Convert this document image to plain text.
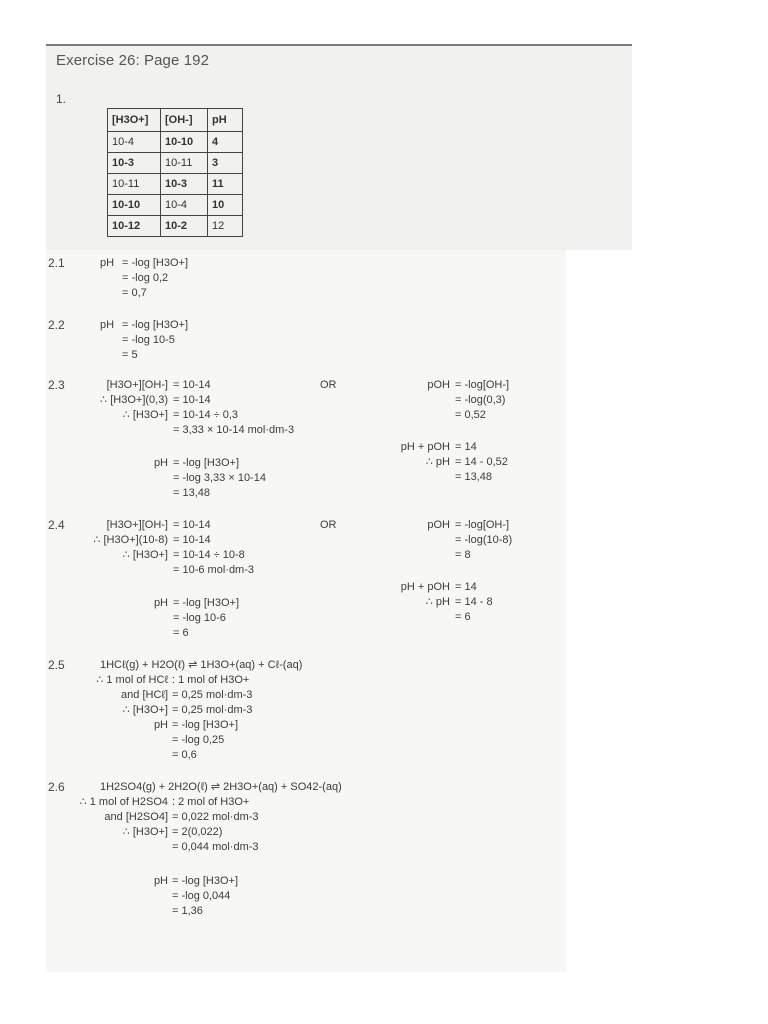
Exercise 26: Page 192
1.
[H3O+]	[OH-]	pH
10-4	10-10	4
10-3	10-11	3
10-11	10-3	11
10-10	10-4	10
10-12	10-2	12
2.1	pH = -log [H3O+]
= -log 0,2
= 0,7
2.2	pH = -log [H3O+]
= -log 10-5
= 5
2.3	[H3O+][OH-] = 10-14
∴ [H3O+](0,3) = 10-14
∴ [H3O+] = 10-14 ÷ 0,3
= 3,33 × 10-14 mol·dm-3
pH = -log [H3O+]
= -log 3,33 × 10-14
= 13,48
OR	pOH = -log[OH-]
= -log(0,3)
= 0,52
pH + pOH = 14
∴ pH = 14 - 0,52
= 13,48
2.4	[H3O+][OH-] = 10-14
∴ [H3O+](10-8) = 10-14
∴ [H3O+] = 10-14 ÷ 10-8
= 10-6 mol·dm-3
pH = -log [H3O+]
= -log 10-6
= 6
OR	pOH = -log[OH-]
= -log(10-8)
= 8
pH + pOH = 14
∴ pH = 14 - 8
= 6
2.5	1HCℓ(g) + H2O(ℓ) ⇌ 1H3O+(aq) + Cℓ-(aq)
∴ 1 mol of HCℓ : 1 mol of H3O+
and [HCℓ] = 0,25 mol·dm-3
∴ [H3O+] = 0,25 mol·dm-3
pH = -log [H3O+]
= -log 0,25
= 0,6
2.6	1H2SO4(g) + 2H2O(ℓ) ⇌ 2H3O+(aq) + SO42-(aq)
∴ 1 mol of H2SO4 : 2 mol of H3O+
and [H2SO4] = 0,022 mol·dm-3
∴ [H3O+] = 2(0,022)
= 0,044 mol·dm-3
pH = -log [H3O+]
= -log 0,044
= 1,36
